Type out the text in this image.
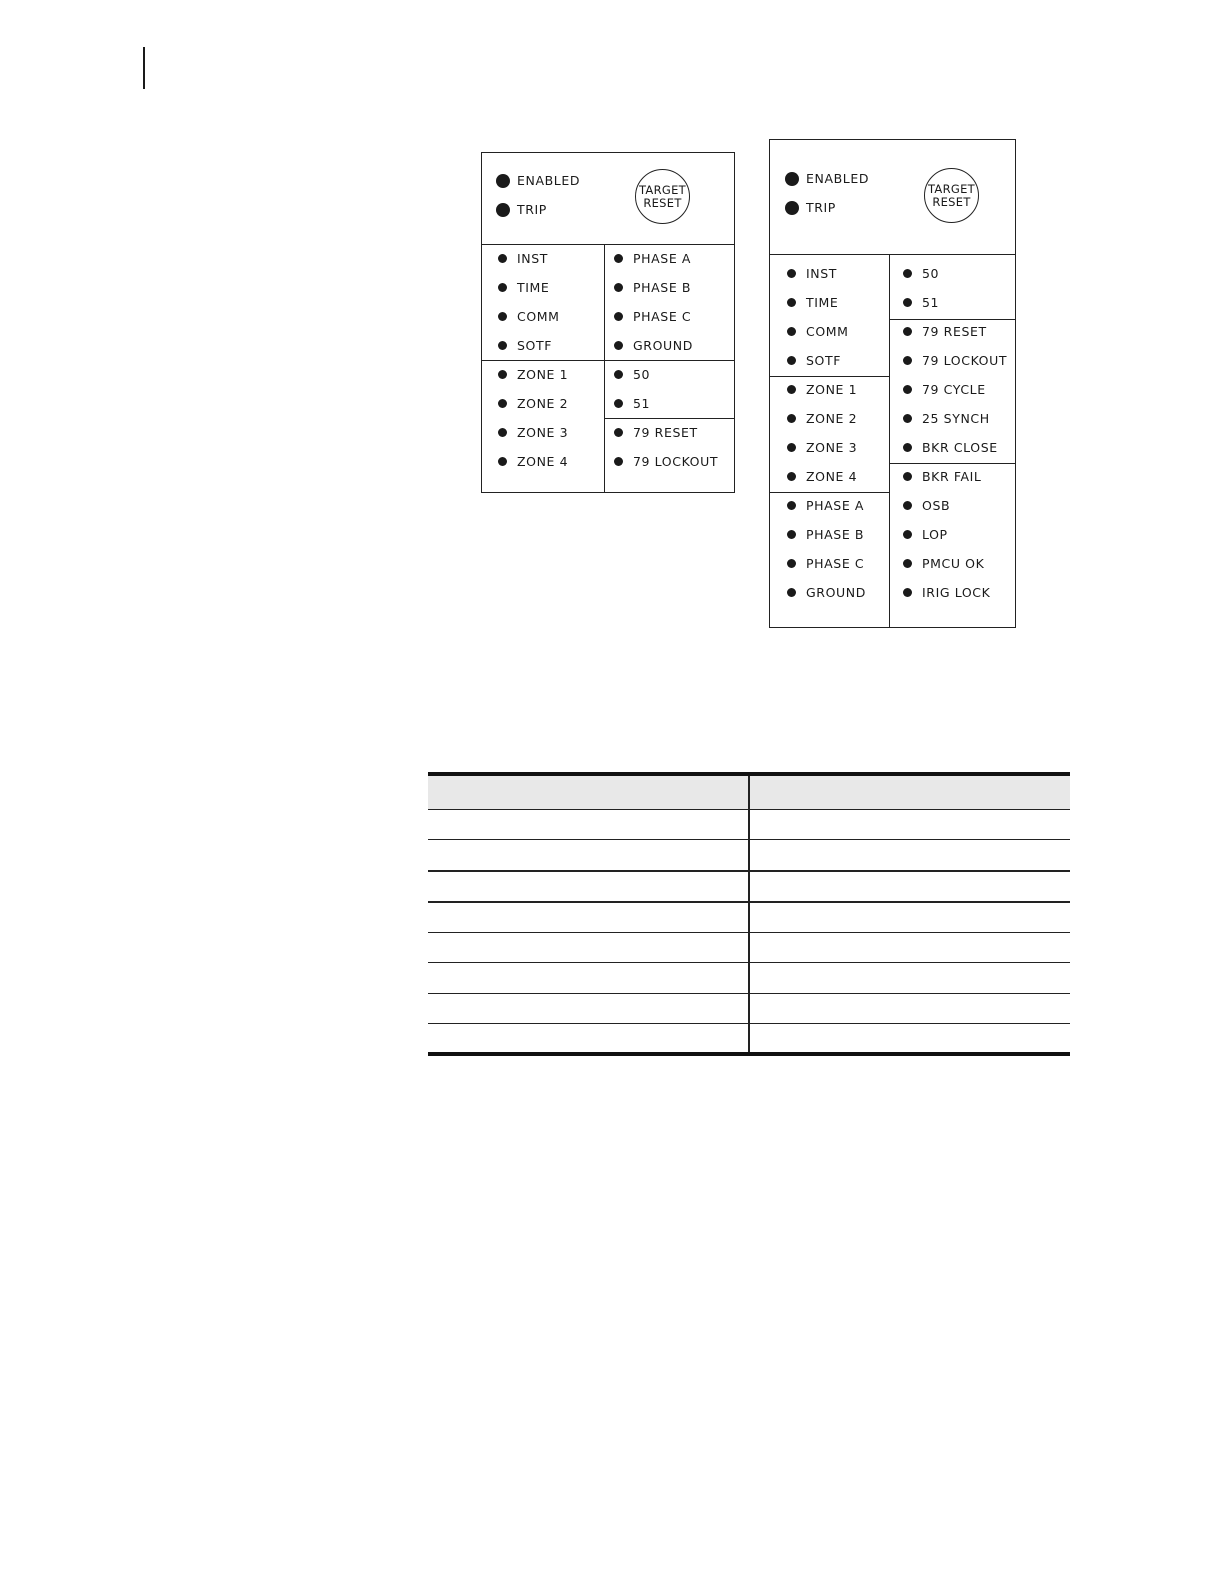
ENABLED
TRIP
TARGET
RESET
INST
TIME
COMM
SOTF
ZONE 1
ZONE 2
ZONE 3
ZONE 4
PHASE A
PHASE B
PHASE C
GROUND
50
51
79 RESET
79 LOCKOUT
ENABLED
TRIP
TARGET
RESET
INST
TIME
COMM
SOTF
ZONE 1
ZONE 2
ZONE 3
ZONE 4
PHASE A
PHASE B
PHASE C
GROUND
50
51
79 RESET
79 LOCKOUT
79 CYCLE
25 SYNCH
BKR CLOSE
BKR FAIL
OSB
LOP
PMCU OK
IRIG LOCK
